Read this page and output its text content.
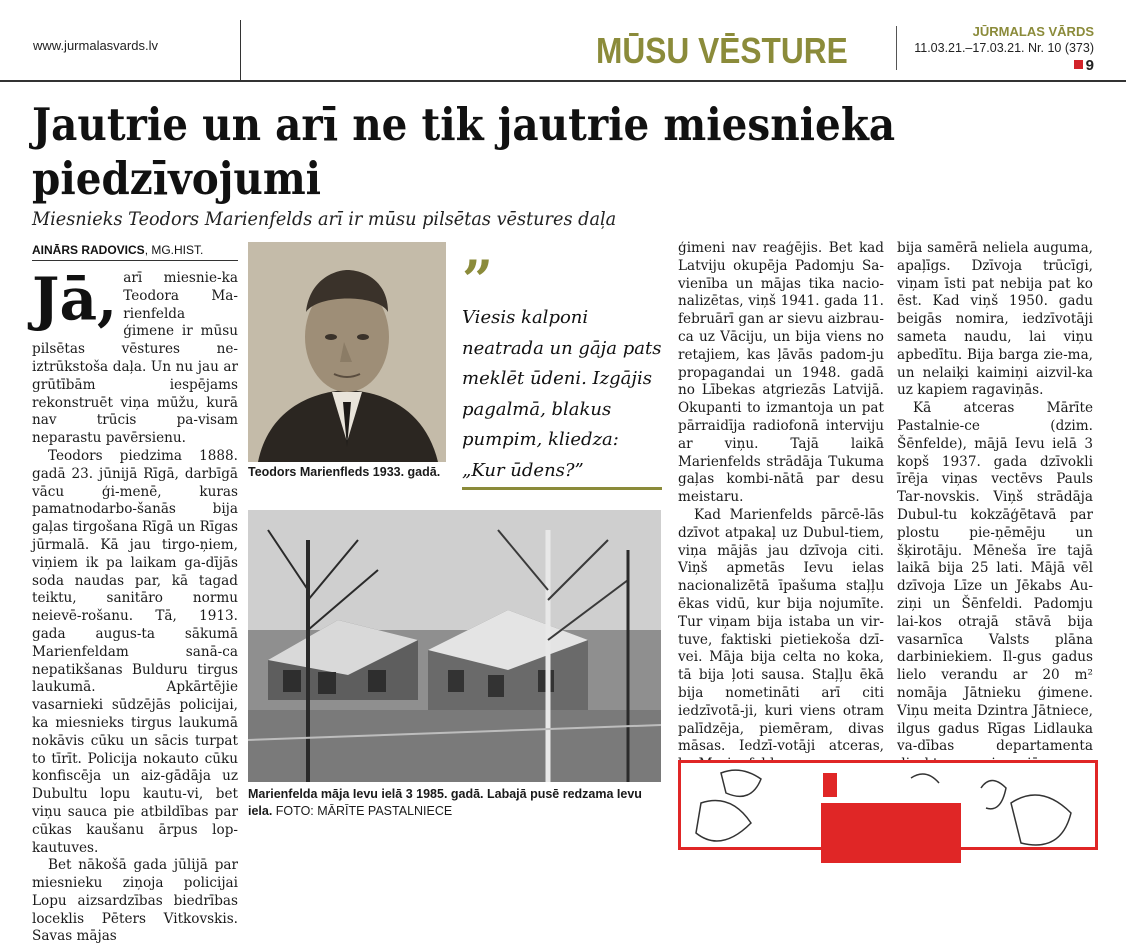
www.jurmalasvards.lv	MŪSU VĒSTURE	JŪRMALAS VĀRDS
11.03.21.–17.03.21. Nr. 10 (373)
9
Jautrie un arī ne tik jautrie miesnieka piedzīvojumi
Miesnieks Teodors Marienfelds arī ir mūsu pilsētas vēstures daļa
AINĀRS RADOVICS, MG.HIST.

Jā, arī miesnie-ka Teodora Ma-rienfelda ģimene ir mūsu pilsētas vēstures ne-iztrūkstoša daļa. Un nu jau ar grūtībām iespējams rekonstruēt viņa mūžu, kurā nav trūcis pa-visam neparastu pavērsienu.

Teodors piedzima 1888. gadā 23. jūnijā Rīgā, darbīgā vācu ģi-menē, kuras pamatnodarbo-šanās bija gaļas tirgošana Rīgā un Rīgas jūrmalā. Kā jau tirgo-ņiem, viņiem ik pa laikam ga-dījās soda naudas par, kā tagad teiktu, sanitāro normu neievē-rošanu. Tā, 1913. gada augus-ta sākumā Marienfeldam sanā-ca nepatikšanas Bulduru tirgus laukumā. Apkārtējie vasarnieki sūdzējās policijai, ka miesnieks tirgus laukumā nokāvis cūku un sācis turpat to tīrīt. Policija nokauto cūku konfiscēja un aiz-gādāja uz Dubultu lopu kautu-vi, bet viņu sauca pie atbildības par cūkas kaušanu ārpus lop-kautuves.

Bet nākošā gada jūlijā par miesnieku ziņoja policijai Lopu aizsardzības biedrības loceklis Pēters Vitkovskis. Savas mājas

Teodors Marienfleds 1933. gadā.
”
Viesis kalponi neatrada un gāja pats meklēt ūdeni. Izgājis pagalmā, blakus pumpim, kliedza: „Kur ūdens?”
Marienfelda māja Ievu ielā 3 1985. gadā. Labajā pusē redzama Ievu iela. FOTO: MĀRĪTE PASTALNIECE

ģimeni nav reaģējis. Bet kad Latviju okupēja Padomju Sa-vienība un mājas tika nacio-nalizētas, viņš 1941. gada 11. februārī gan ar sievu aizbrau-ca uz Vāciju, un bija viens no retajiem, kas ļāvās padom-ju propagandai un 1948. gadā no Lībekas atgriezās Latvijā. Okupanti to izmantoja un pat pārraidīja radiofonā interviju ar viņu. Tajā laikā Marienfelds strādāja Tukuma gaļas kombi-nātā par desu meistaru.

Kad Marienfelds pārcē-lās dzīvot atpakaļ uz Dubul-tiem, viņa mājās jau dzīvoja citi. Viņš apmetās Ievu ielas nacionalizētā īpašuma staļļu ēkas vidū, kur bija nojumīte. Tur viņam bija istaba un vir-tuve, faktiski pietiekoša dzī-vei. Māja bija celta no koka, tā bija ļoti sausa. Staļļu ēkā bija nometināti arī citi iedzīvotā-ji, kuri viens otram palīdzēja, piemēram, divas māsas. Iedzī-votāji atceras,

bija samērā neliela auguma, apaļīgs. Dzīvoja trūcīgi, viņam īsti pat nebija pat ko ēst. Kad viņš 1950. gadu beigās nomira, iedzīvotāji sameta naudu, lai viņu apbedītu. Bija barga zie-ma, un nelaiķi kaimiņi aizvil-ka uz kapiem ragaviņās.

Kā atceras Mārīte Pastalnie-ce (dzim. Šēnfelde), mājā Ievu ielā 3 kopš 1937. gada dzīvokli īrēja viņas vectēvs Pauls Tar-novskis. Viņš strādāja Dubul-tu kokzāģētavā par plostu pie-ņēmēju un šķirotāju. Mēneša īre tajā laikā bija 25 lati. Mājā vēl dzīvoja Līze un Jēkabs Au-ziņi un Šēnfeldi. Padomju lai-kos otrajā stāvā bija vasarnīca Valsts plāna darbiniekiem. Il-gus gadus lielo verandu ar 20 m² nomāja Jātnieku ģimene. Viņu meita Dzintra Jātniece, ilgus gadus Rīgas Lidlauka va-dības departamenta
